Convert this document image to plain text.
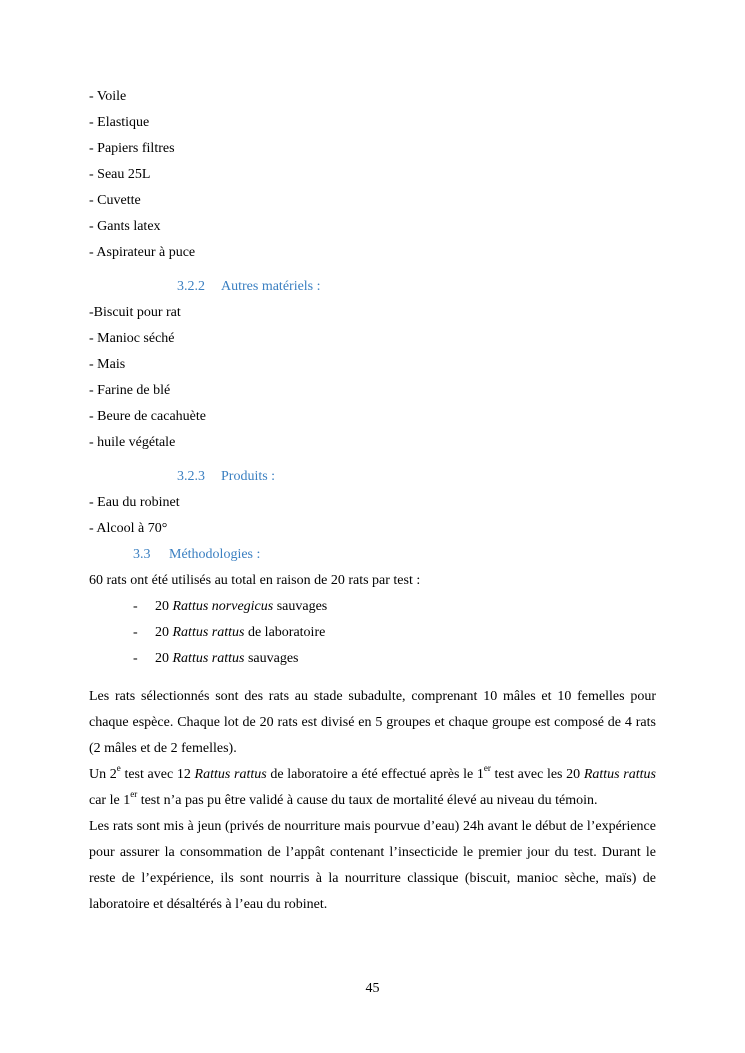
- Voile
- Elastique
- Papiers filtres
- Seau 25L
- Cuvette
- Gants latex
- Aspirateur à puce
3.2.2 Autres matériels :
-Biscuit pour rat
- Manioc séché
- Mais
- Farine de blé
- Beure de cacahuète
- huile végétale
3.2.3 Produits :
- Eau du robinet
- Alcool à 70°
3.3 Méthodologies :
60 rats ont été utilisés au total en raison de 20 rats par test :
- 20 Rattus norvegicus sauvages
- 20 Rattus rattus de laboratoire
- 20 Rattus rattus sauvages
Les rats sélectionnés sont des rats au stade subadulte, comprenant 10 mâles et 10 femelles pour chaque espèce. Chaque lot de 20 rats est divisé en 5 groupes et chaque groupe est composé de 4 rats (2 mâles et de 2 femelles).
Un 2e test avec 12 Rattus rattus de laboratoire a été effectué après le 1er test avec les 20 Rattus rattus car le 1er test n’a pas pu être validé à cause du taux de mortalité élevé au niveau du témoin.
Les rats sont mis à jeun (privés de nourriture mais pourvue d’eau) 24h avant le début de l’expérience pour assurer la consommation de l’appât contenant l’insecticide le premier jour du test. Durant le reste de l’expérience, ils sont nourris à la nourriture classique (biscuit, manioc sèche, maïs) de laboratoire et désaltérés à l’eau du robinet.
45
